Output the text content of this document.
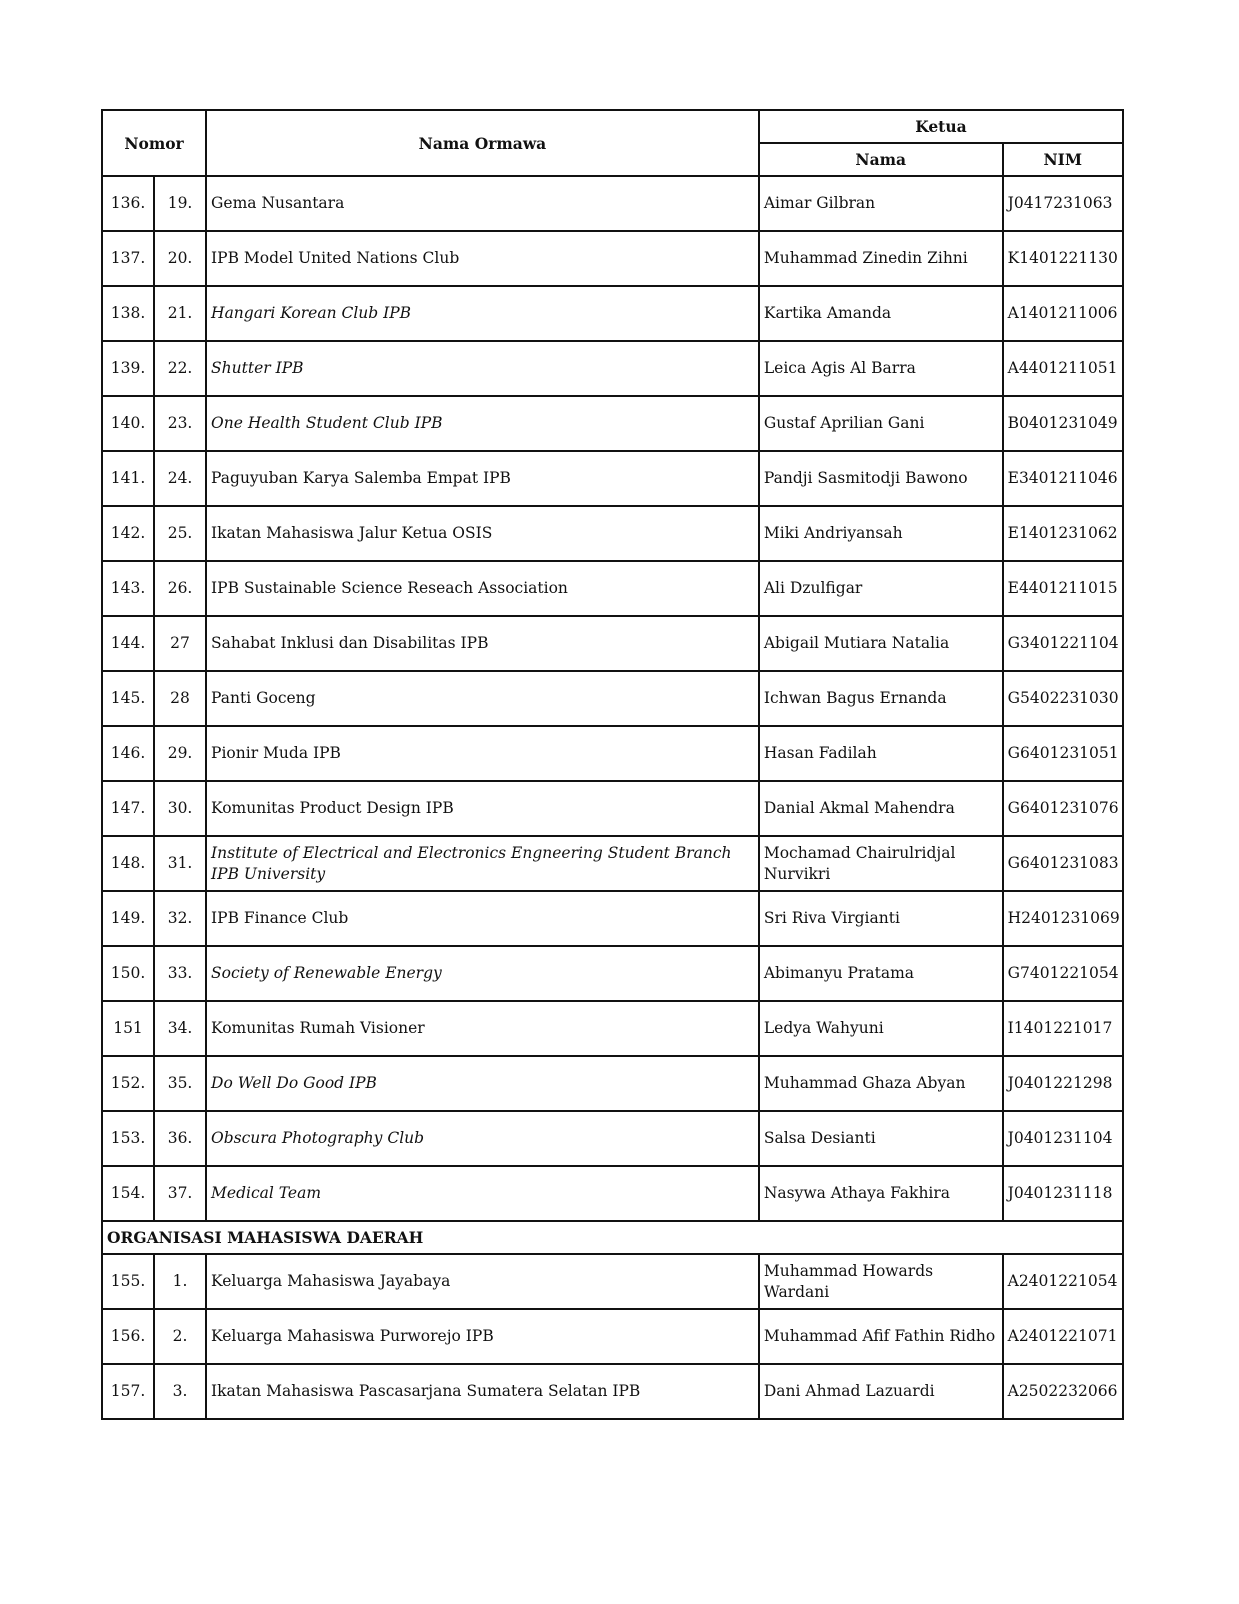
Nomor		Nama Ormawa	Ketua	
			Nama	NIM
136.	19.	Gema Nusantara	Aimar Gilbran	J0417231063
137.	20.	IPB Model United Nations Club	Muhammad Zinedin Zihni	K1401221130
138.	21.	Hangari Korean Club IPB	Kartika Amanda	A1401211006
139.	22.	Shutter IPB	Leica Agis Al Barra	A4401211051
140.	23.	One Health Student Club IPB	Gustaf Aprilian Gani	B0401231049
141.	24.	Paguyuban Karya Salemba Empat IPB	Pandji Sasmitodji Bawono	E3401211046
142.	25.	Ikatan Mahasiswa Jalur Ketua OSIS	Miki Andriyansah	E1401231062
143.	26.	IPB Sustainable Science Reseach Association	Ali Dzulfigar	E4401211015
144.	27	Sahabat Inklusi dan Disabilitas IPB	Abigail Mutiara Natalia	G3401221104
145.	28	Panti Goceng	Ichwan Bagus Ernanda	G5402231030
146.	29.	Pionir Muda IPB	Hasan Fadilah	G6401231051
147.	30.	Komunitas Product Design IPB	Danial Akmal Mahendra	G6401231076
148.	31.	Institute of Electrical and Electronics Engneering Student Branch IPB University	Mochamad Chairulridjal Nurvikri	G6401231083
149.	32.	IPB Finance Club	Sri Riva Virgianti	H2401231069
150.	33.	Society of Renewable Energy	Abimanyu Pratama	G7401221054
151	34.	Komunitas Rumah Visioner	Ledya Wahyuni	I1401221017
152.	35.	Do Well Do Good IPB	Muhammad Ghaza Abyan	J0401221298
153.	36.	Obscura Photography Club	Salsa Desianti	J0401231104
154.	37.	Medical Team	Nasywa Athaya Fakhira	J0401231118
ORGANISASI MAHASISWA DAERAH				
155.	1.	Keluarga Mahasiswa Jayabaya	Muhammad Howards Wardani	A2401221054
156.	2.	Keluarga Mahasiswa Purworejo IPB	Muhammad Afif Fathin Ridho	A2401221071
157.	3.	Ikatan Mahasiswa Pascasarjana Sumatera Selatan IPB	Dani Ahmad Lazuardi	A2502232066
